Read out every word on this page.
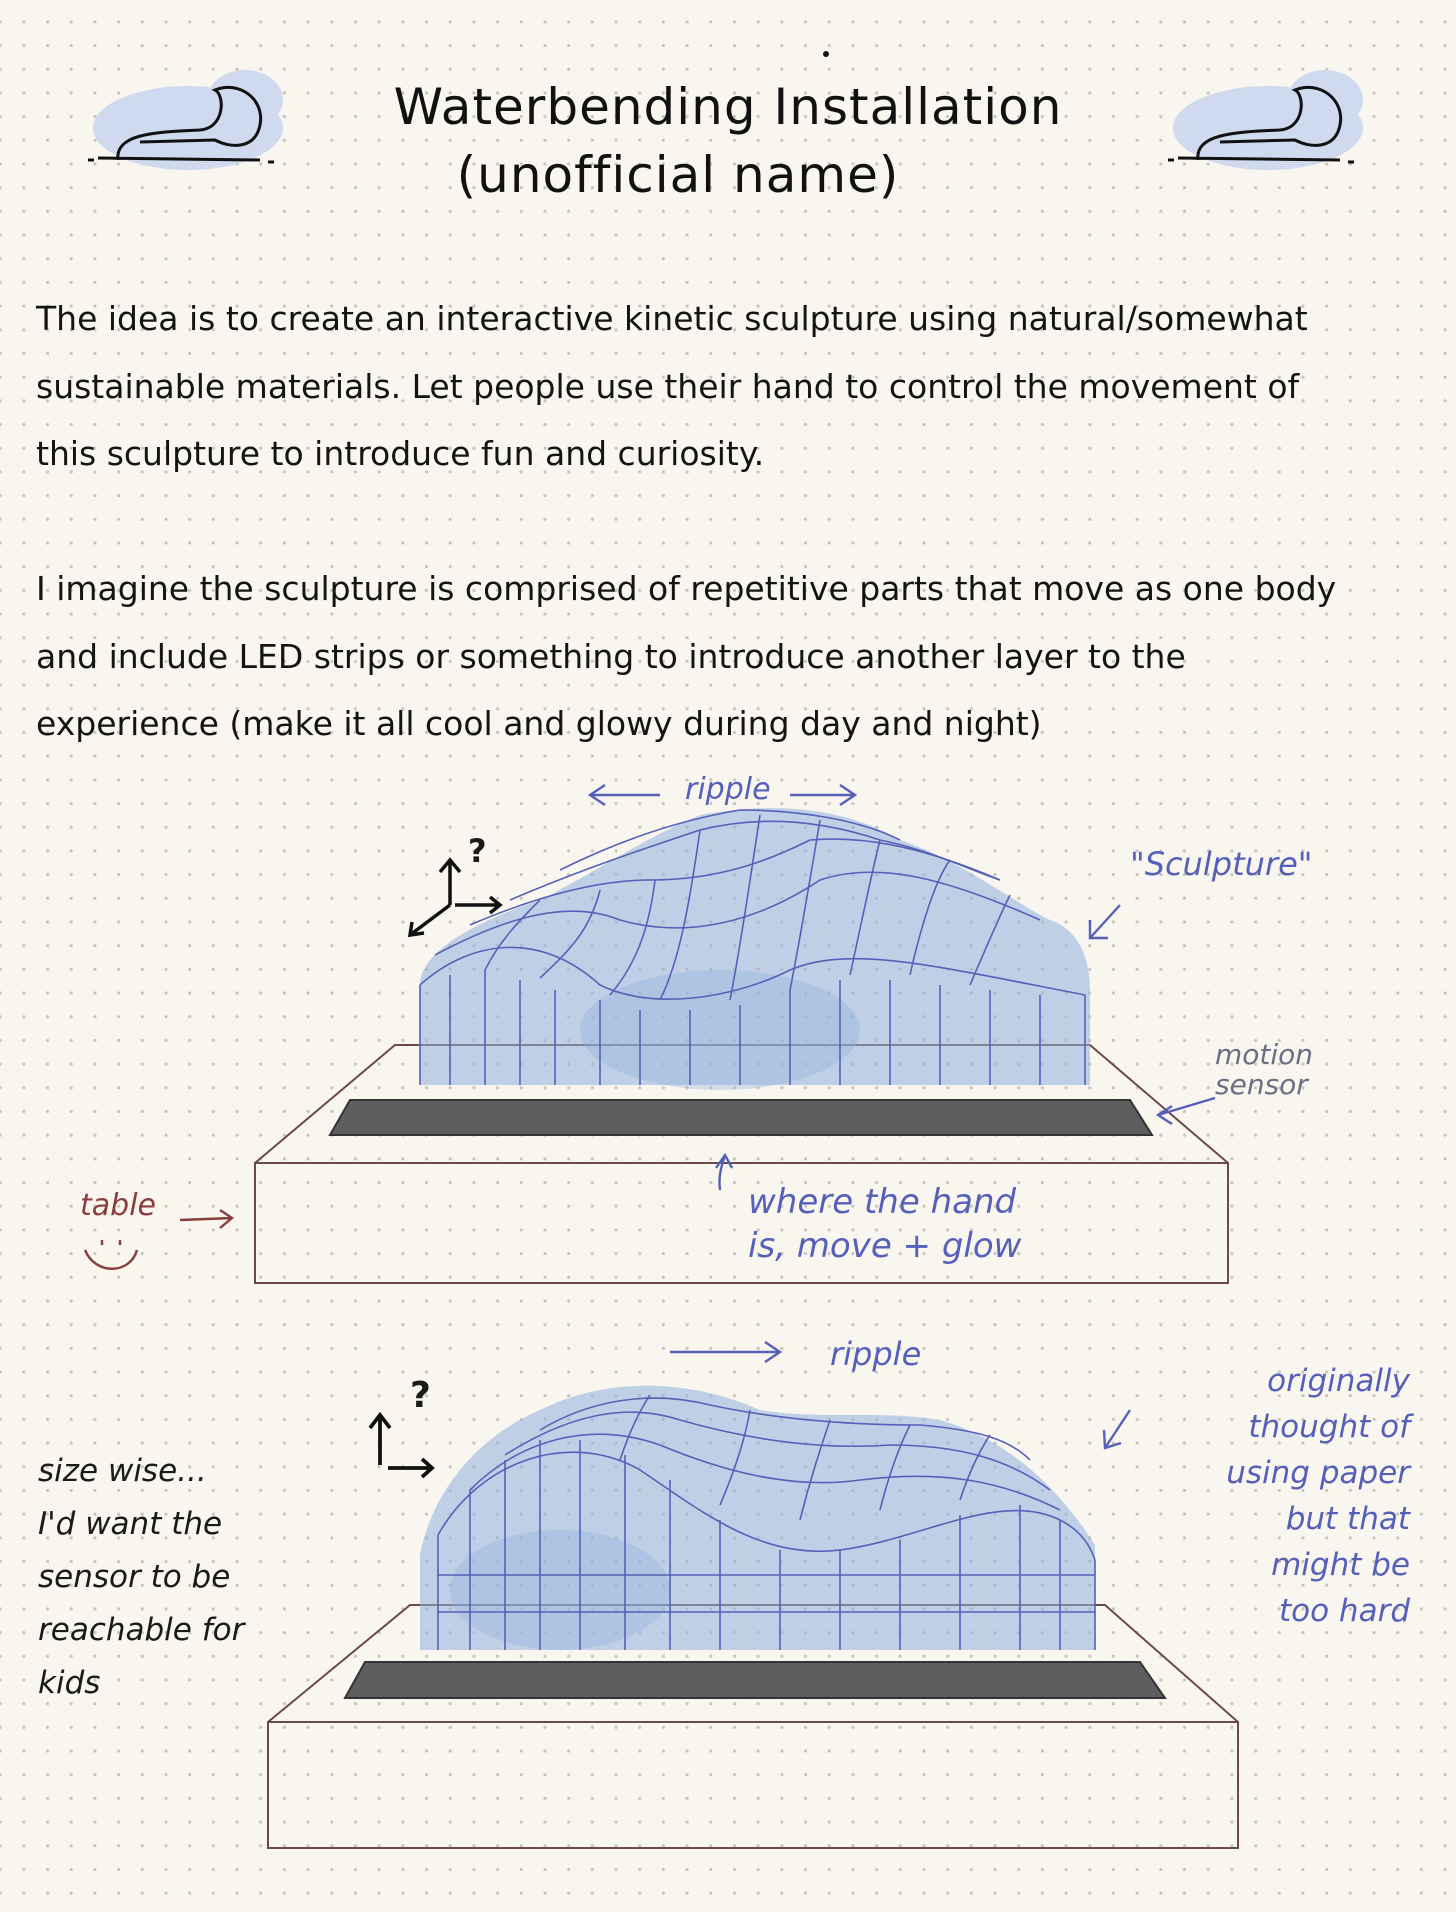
Waterbending Installation
(unofficial name)
The idea is to create an interactive kinetic sculpture using natural/somewhat
sustainable materials. Let people use their hand to control the movement of
this sculpture to introduce fun and curiosity.
I imagine the sculpture is comprised of repetitive parts that move as one body
and include LED strips or something to introduce another layer to the
experience (make it all cool and glowy during day and night)
ripple
?	"Sculpture"
motion
sensor
where the hand
is, move + glow
table
ripple
?
size wise...
I'd want the
sensor to be
reachable for
kids
originally
thought of
using paper
but that
might be
too hard
